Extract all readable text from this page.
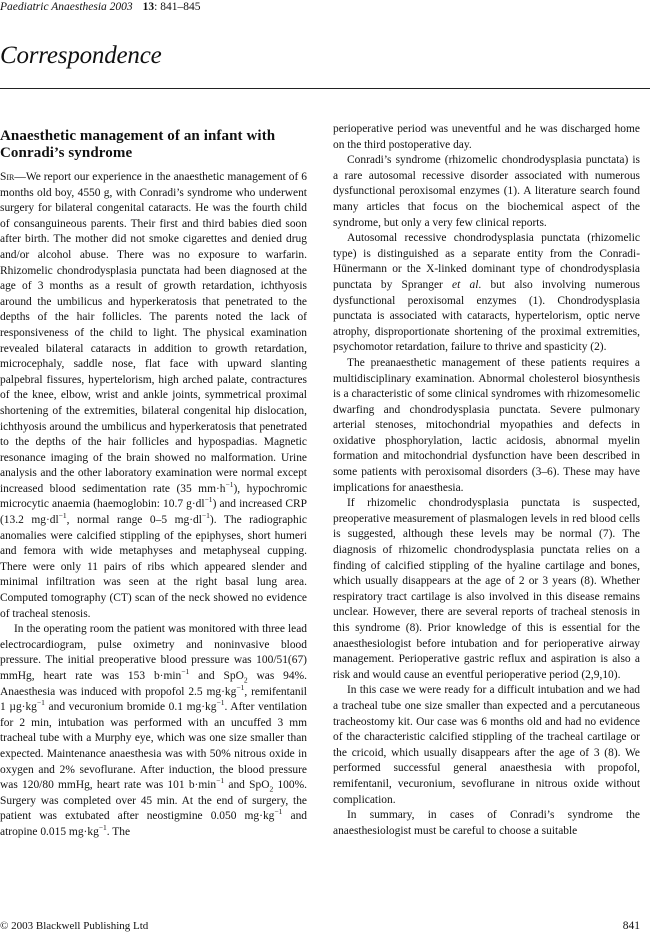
Paediatric Anaesthesia 2003 13: 841–845
Correspondence
Anaesthetic management of an infant with Conradi’s syndrome

Sir—We report our experience in the anaesthetic management of 6 months old boy, 4550 g, with Conradi’s syndrome who underwent surgery for bilateral congenital cataracts. He was the fourth child of consanguineous parents. Their first and third babies died soon after birth. The mother did not smoke cigarettes and denied drug and/or alcohol abuse. There was no exposure to warfarin. Rhizomelic chondrodysplasia punctata had been diagnosed at the age of 3 months as a result of growth retardation, ichthyosis around the umbilicus and hyperkeratosis that penetrated to the depths of the hair follicles. The parents noted the lack of responsiveness of the child to light. The physical examination revealed bilateral cataracts in addition to growth retardation, microcephaly, saddle nose, flat face with upward slanting palpebral fissures, hypertelorism, high arched palate, contractures of the knee, elbow, wrist and ankle joints, symmetrical proximal shortening of the extremities, bilateral congenital hip dislocation, ichthyosis around the umbilicus and hyperkeratosis that penetrated to the depths of the hair follicles and hypospadias. Magnetic resonance imaging of the brain showed no malformation. Urine analysis and the other laboratory examination were normal except increased blood sedimentation rate (35 $mm\cdot h^{-1}$), hypochromic microcytic anaemia (haemoglobin: 10.7 $g\cdot dl^{-1}$) and increased CRP (13.2 $mg\cdot dl^{-1}$, normal range 0–5 $mg\cdot dl^{-1}$). The radiographic anomalies were calcified stippling of the epiphyses, short humeri and femora with wide metaphyses and metaphyseal cupping. There were only 11 pairs of ribs which appeared slender and minimal infiltration was seen at the right basal lung area. Computed tomography (CT) scan of the neck showed no evidence of tracheal stenosis.

In the operating room the patient was monitored with three lead electrocardiogram, pulse oximetry and noninvasive blood pressure. The initial preoperative blood pressure was 100/51(67) mmHg, heart rate was 153 $b\cdot\min^{-1}$ and SpO$_2$ was 94%. Anaesthesia was induced with propofol 2.5 $mg\cdot kg^{-1}$, remifentanil 1 $\mu g\cdot kg^{-1}$ and vecuronium bromide 0.1 $mg\cdot kg^{-1}$. After ventilation for 2 min, intubation was performed with an uncuffed 3 mm tracheal tube with a Murphy eye, which was one size smaller than expected. Maintenance anaesthesia was with 50% nitrous oxide in oxygen and 2% sevoflurane. After induction, the blood pressure was 120/80 mmHg, heart rate was 101 $b\cdot\min^{-1}$ and SpO$_2$ 100%. Surgery was completed over 45 min. At the end of surgery, the patient was extubated after neostigmine 0.050 $mg\cdot kg^{-1}$ and atropine 0.015 $mg\cdot kg^{-1}$. The

perioperative period was uneventful and he was discharged home on the third postoperative day.

Conradi’s syndrome (rhizomelic chondrodysplasia punctata) is a rare autosomal recessive disorder associated with numerous dysfunctional peroxisomal enzymes (1). A literature search found many articles that focus on the biochemical aspect of the syndrome, but only a very few clinical reports.

Autosomal recessive chondrodysplasia punctata (rhizomelic type) is distinguished as a separate entity from the Conradi-Hünermann or the X-linked dominant type of chondrodysplasia punctata by Spranger et al. but also involving numerous dysfunctional peroxisomal enzymes (1). Chondrodysplasia punctata is associated with cataracts, hypertelorism, optic nerve atrophy, disproportionate shortening of the proximal extremities, psychomotor retardation, failure to thrive and spasticity (2).

The preanaesthetic management of these patients requires a multidisciplinary examination. Abnormal cholesterol biosynthesis is a characteristic of some clinical syndromes with rhizomesomelic dwarfing and chondrodysplasia punctata. Severe pulmonary arterial stenoses, mitochondrial myopathies and defects in oxidative phosphorylation, lactic acidosis, abnormal myelin formation and mitochondrial dysfunction have been described in some patients with peroxisomal disorders (3–6). These may have implications for anaesthesia.

If rhizomelic chondrodysplasia punctata is suspected, preoperative measurement of plasmalogen levels in red blood cells is suggested, although these levels may be normal (7). The diagnosis of rhizomelic chondrodysplasia punctata relies on a finding of calcified stippling of the hyaline cartilage and bones, which usually disappears at the age of 2 or 3 years (8). Whether respiratory tract cartilage is also involved in this disease remains unclear. However, there are several reports of tracheal stenosis in this syndrome (8). Prior knowledge of this is essential for the anaesthesiologist before intubation and for perioperative airway management. Perioperative gastric reflux and aspiration is also a risk and would cause an eventful perioperative period (2,9,10).

In this case we were ready for a difficult intubation and we had a tracheal tube one size smaller than expected and a percutaneous tracheostomy kit. Our case was 6 months old and had no evidence of the characteristic calcified stippling of the tracheal cartilage or the cricoid, which usually disappears after the age of 3 (8). We performed successful general anaesthesia with propofol, remifentanil, vecuronium, sevoflurane in nitrous oxide without complication.

In summary, in cases of Conradi’s syndrome the anaesthesiologist must be careful to choose a suitable

© 2003 Blackwell Publishing Ltd	841
